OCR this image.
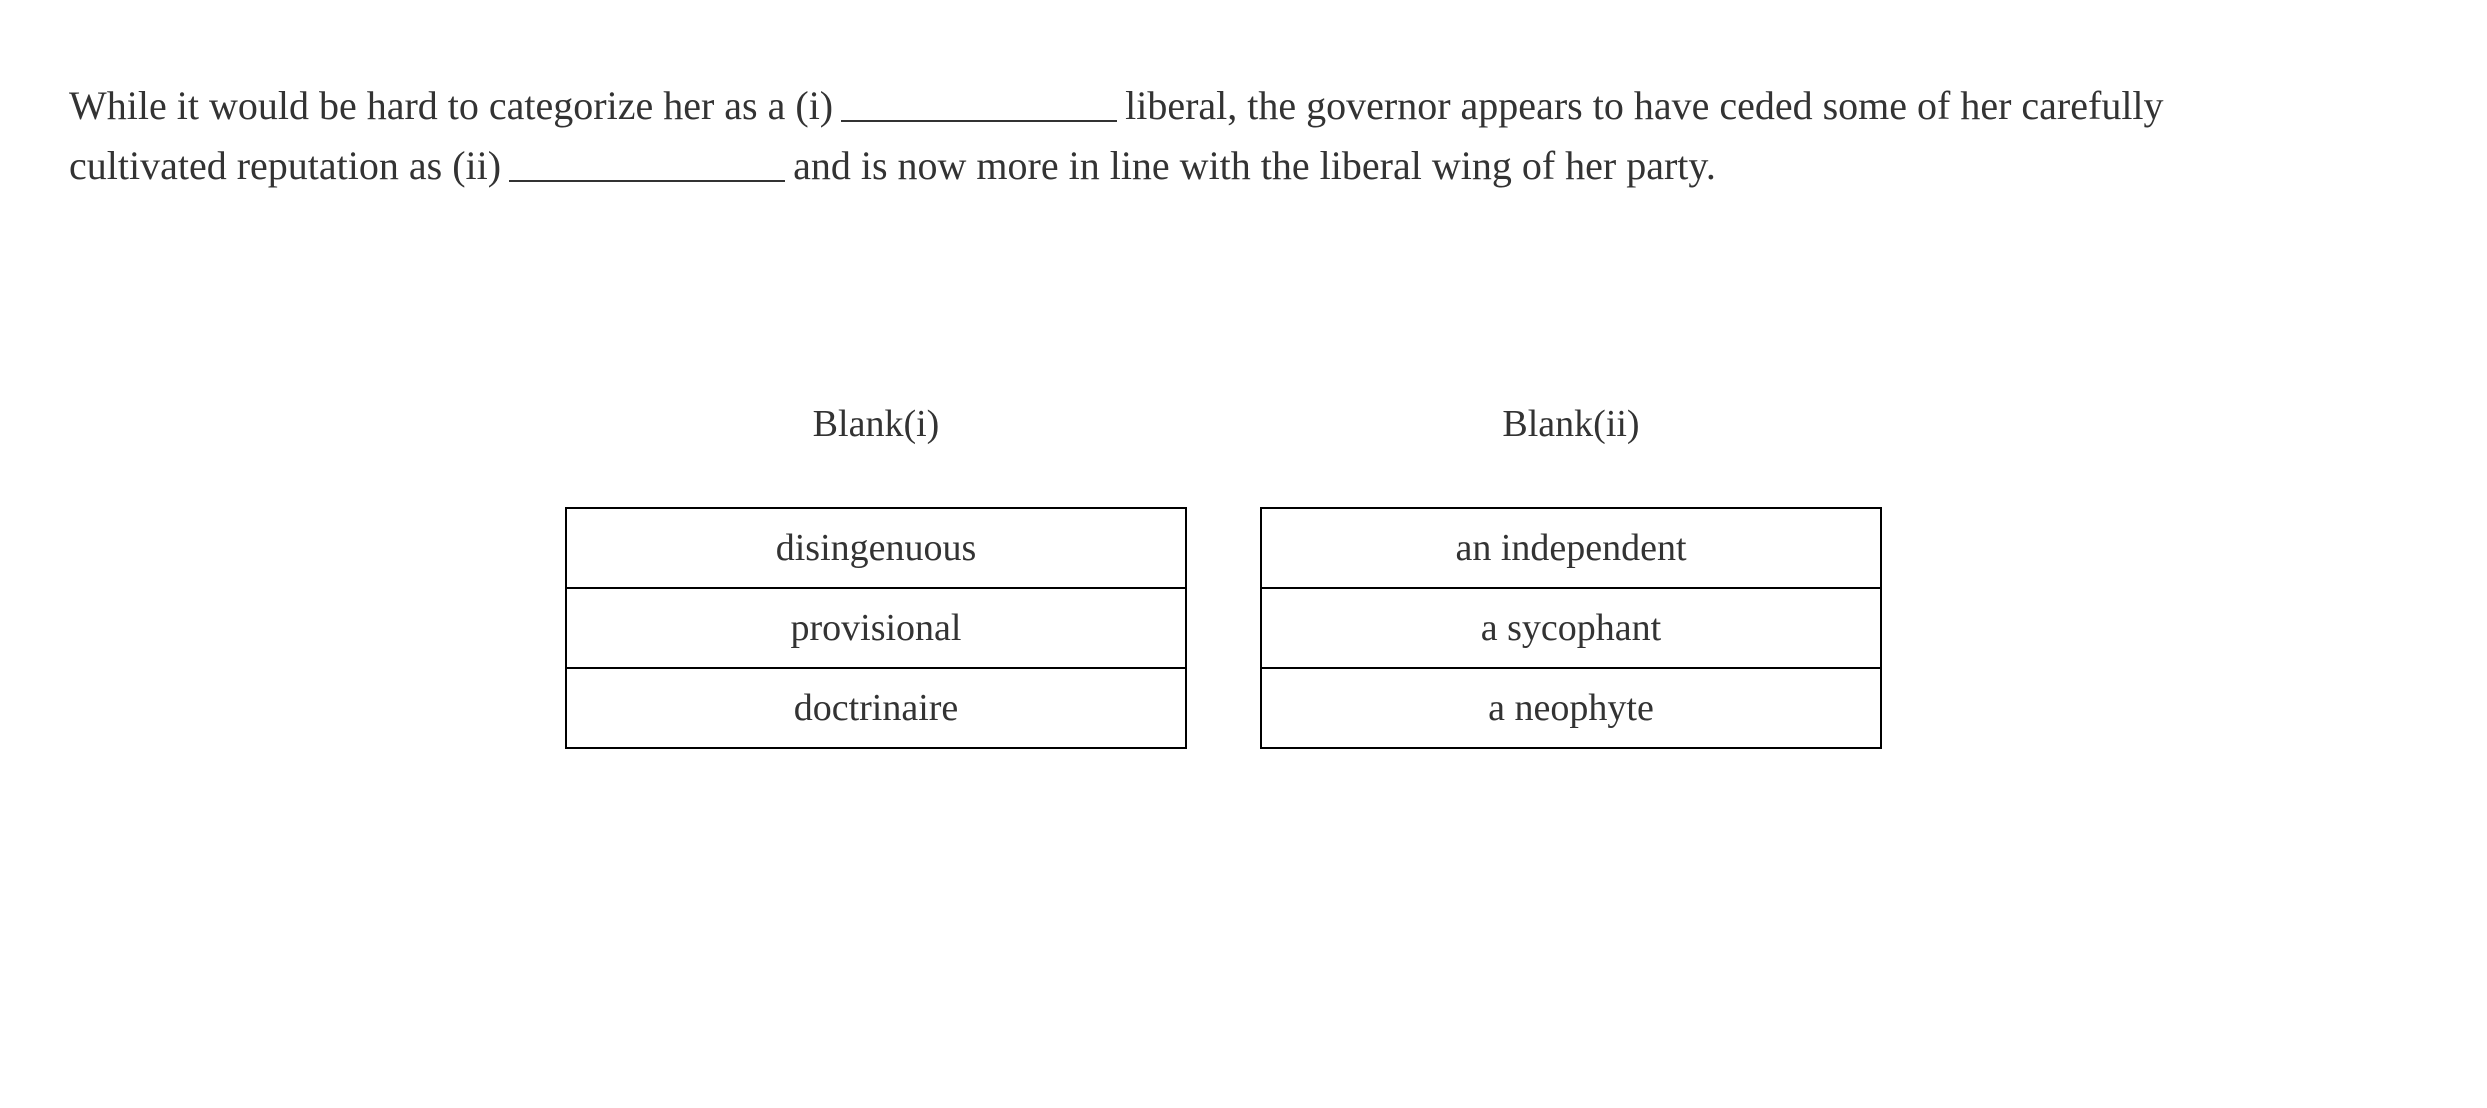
While it would be hard to categorize her as a (i)	liberal, the governor appears to have ceded some of her carefully
cultivated reputation as (ii)	and is now more in line with the liberal wing of her party.

Blank(i)
disingenuous
provisional
doctrinaire
Blank(ii)
an independent
a sycophant
a neophyte
